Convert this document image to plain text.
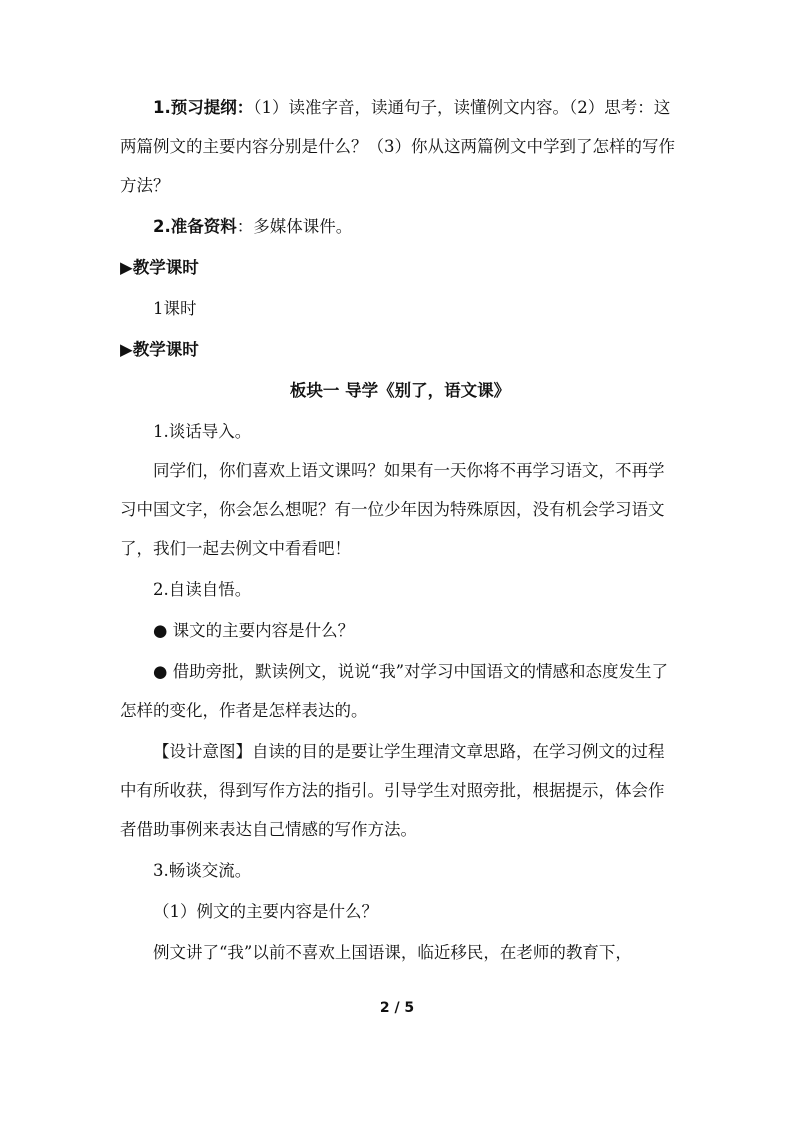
1.预习提纲：（1）读准字音，读通句子，读懂例文内容。（2）思考：这两篇例文的主要内容分别是什么？（3）你从这两篇例文中学到了怎样的写作方法？

2.准备资料：多媒体课件。

▶教学课时

1课时

▶教学课时

板块一 导学《别了，语文课》

1.谈话导入。

同学们，你们喜欢上语文课吗？如果有一天你将不再学习语文，不再学习中国文字，你会怎么想呢？有一位少年因为特殊原因，没有机会学习语文了，我们一起去例文中看看吧！

2.自读自悟。

● 课文的主要内容是什么？

● 借助旁批，默读例文，说说“我”对学习中国语文的情感和态度发生了怎样的变化，作者是怎样表达的。

【设计意图】自读的目的是要让学生理清文章思路，在学习例文的过程中有所收获，得到写作方法的指引。引导学生对照旁批，根据提示，体会作者借助事例来表达自己情感的写作方法。

3.畅谈交流。

（1）例文的主要内容是什么？

例文讲了“我”以前不喜欢上国语课，临近移民，在老师的教育下，

2 / 5
